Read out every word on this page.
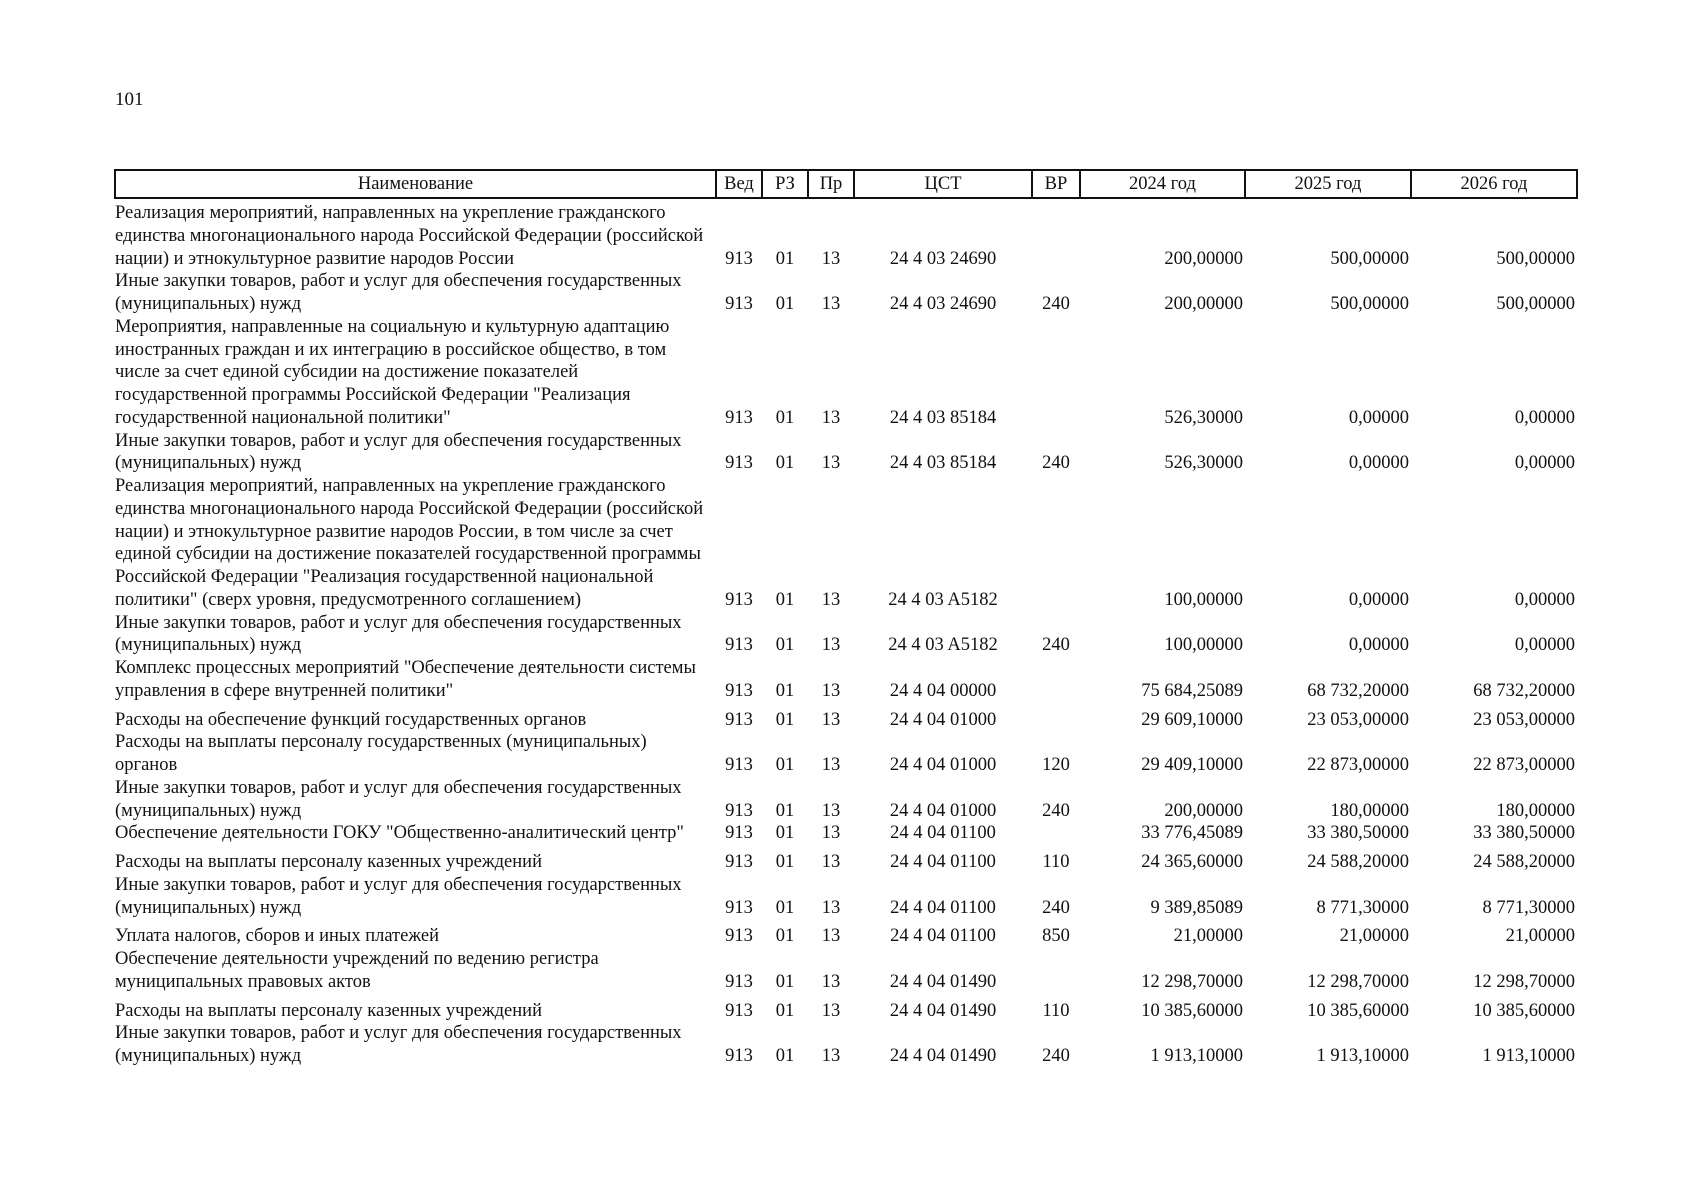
101
Наименование	Вед	РЗ	Пр	ЦСТ	ВР	2024 год	2025 год	2026 год
Реализация мероприятий, направленных на укрепление гражданского единства многонационального народа Российской Федерации (российской нации) и этнокультурное развитие народов России	913	01	13	24 4 03 24690		200,00000	500,00000	500,00000
Иные закупки товаров, работ и услуг для обеспечения государственных (муниципальных) нужд	913	01	13	24 4 03 24690	240	200,00000	500,00000	500,00000
Мероприятия, направленные на социальную и культурную адаптацию иностранных граждан и их интеграцию в российское общество, в том числе за счет единой субсидии на достижение показателей государственной программы Российской Федерации "Реализация государственной национальной политики"	913	01	13	24 4 03 85184		526,30000	0,00000	0,00000
Иные закупки товаров, работ и услуг для обеспечения государственных (муниципальных) нужд	913	01	13	24 4 03 85184	240	526,30000	0,00000	0,00000
Реализация мероприятий, направленных на укрепление гражданского единства многонационального народа Российской Федерации (российской нации) и этнокультурное развитие народов России, в том числе за счет единой субсидии на достижение показателей государственной программы Российской Федерации "Реализация государственной национальной политики" (сверх уровня, предусмотренного соглашением)	913	01	13	24 4 03 A5182		100,00000	0,00000	0,00000
Иные закупки товаров, работ и услуг для обеспечения государственных (муниципальных) нужд	913	01	13	24 4 03 A5182	240	100,00000	0,00000	0,00000
Комплекс процессных мероприятий "Обеспечение деятельности системы управления в сфере внутренней политики"	913	01	13	24 4 04 00000		75 684,25089	68 732,20000	68 732,20000
Расходы на обеспечение функций государственных органов	913	01	13	24 4 04 01000		29 609,10000	23 053,00000	23 053,00000
Расходы на выплаты персоналу государственных (муниципальных) органов	913	01	13	24 4 04 01000	120	29 409,10000	22 873,00000	22 873,00000
Иные закупки товаров, работ и услуг для обеспечения государственных (муниципальных) нужд	913	01	13	24 4 04 01000	240	200,00000	180,00000	180,00000
Обеспечение деятельности ГОКУ "Общественно-аналитический центр"	913	01	13	24 4 04 01100		33 776,45089	33 380,50000	33 380,50000
Расходы на выплаты персоналу казенных учреждений	913	01	13	24 4 04 01100	110	24 365,60000	24 588,20000	24 588,20000
Иные закупки товаров, работ и услуг для обеспечения государственных (муниципальных) нужд	913	01	13	24 4 04 01100	240	9 389,85089	8 771,30000	8 771,30000
Уплата налогов, сборов и иных платежей	913	01	13	24 4 04 01100	850	21,00000	21,00000	21,00000
Обеспечение деятельности учреждений по ведению регистра муниципальных правовых актов	913	01	13	24 4 04 01490		12 298,70000	12 298,70000	12 298,70000
Расходы на выплаты персоналу казенных учреждений	913	01	13	24 4 04 01490	110	10 385,60000	10 385,60000	10 385,60000
Иные закупки товаров, работ и услуг для обеспечения государственных (муниципальных) нужд	913	01	13	24 4 04 01490	240	1 913,10000	1 913,10000	1 913,10000
